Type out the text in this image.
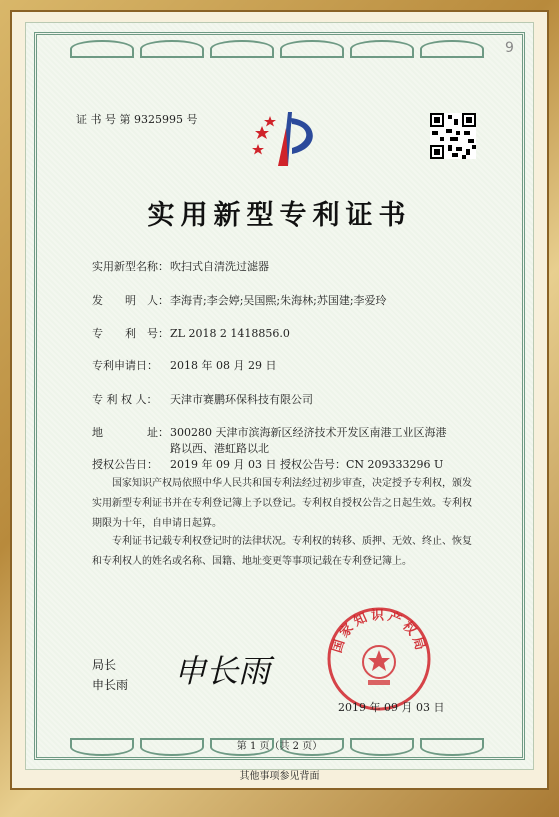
9
证 书 号 第 9325995 号
实用新型专利证书
实用新型名称：吹扫式自清洗过滤器
发　　明　人：李海青;李会婷;吴国熙;朱海林;苏国建;李爱玲
专　　利　号：ZL 2018 2 1418856.0
专利申请日： 2018 年 08 月 29 日
专 利 权 人： 天津市赛鹏环保科技有限公司
地　　　　址：300280 天津市滨海新区经济技术开发区南港工业区海港
路以西、港虹路以北
授权公告日： 2019 年 09 月 03 日 授权公告号：CN 209333296 U
国家知识产权局依照中华人民共和国专利法经过初步审查，决定授予专利权，颁发实用新型专利证书并在专利登记簿上予以登记。专利权自授权公告之日起生效。专利权期限为十年，自申请日起算。
专利证书记载专利权登记时的法律状况。专利权的转移、质押、无效、终止、恢复和专利权人的姓名或名称、国籍、地址变更等事项记载在专利登记簿上。
局长
申长雨 申长雨
国家知识产权局
2019 年 09 月 03 日
第 1 页（共 2 页）
其他事项参见背面
